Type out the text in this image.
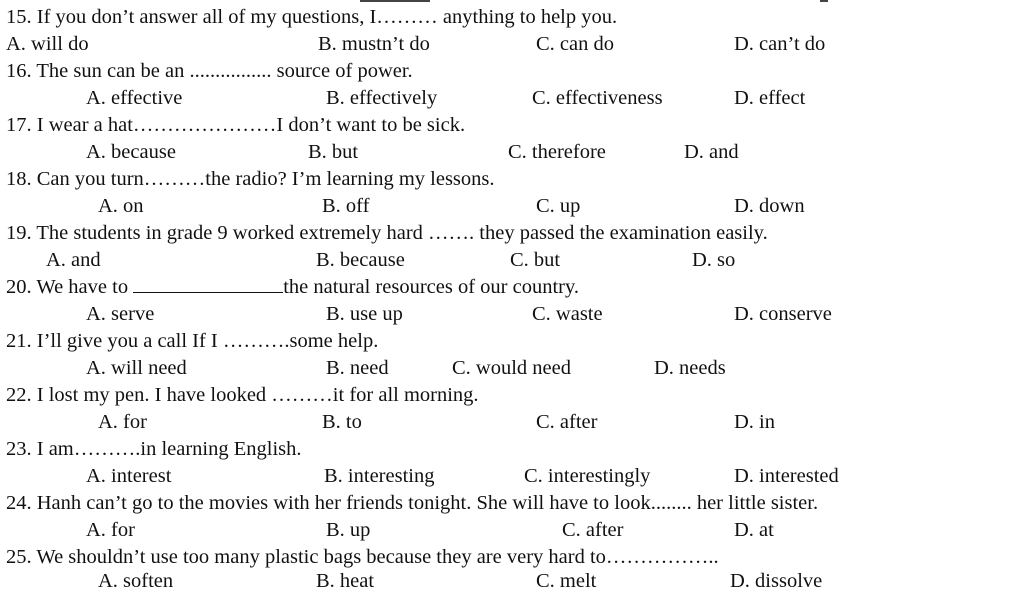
15. If you don’t answer all of my questions, I……… anything to help you.
A. will do	B. mustn’t do	C. can do	D. can’t do
16. The sun can be an ................ source of power.
A. effective	B. effectively	C. effectiveness	D. effect
17. I wear a hat…………………I don’t want to be sick.
A. because	B. but	C. therefore	D. and
18. Can you turn………the radio? I’m learning my lessons.
A. on	B. off	C. up	D. down
19. The students in grade 9 worked extremely hard ……. they passed the examination easily.
A. and	B. because	C. but	D. so
20. We have to	the natural resources of our country.
A. serve	B. use up	C. waste	D. conserve
21. I’ll give you a call If I ……….some help.
A. will need	B. need	C. would need	D. needs
22. I lost my pen. I have looked ………it for all morning.
A. for	B. to	C. after	D. in
23. I am……….in learning English.
A. interest	B. interesting	C. interestingly	D. interested
24. Hanh can’t go to the movies with her friends tonight. She will have to look........ her little sister.
A. for	B. up	C. after	D. at
25. We shouldn’t use too many plastic bags because they are very hard to……………..
A. soften	B. heat	C. melt	D. dissolve
